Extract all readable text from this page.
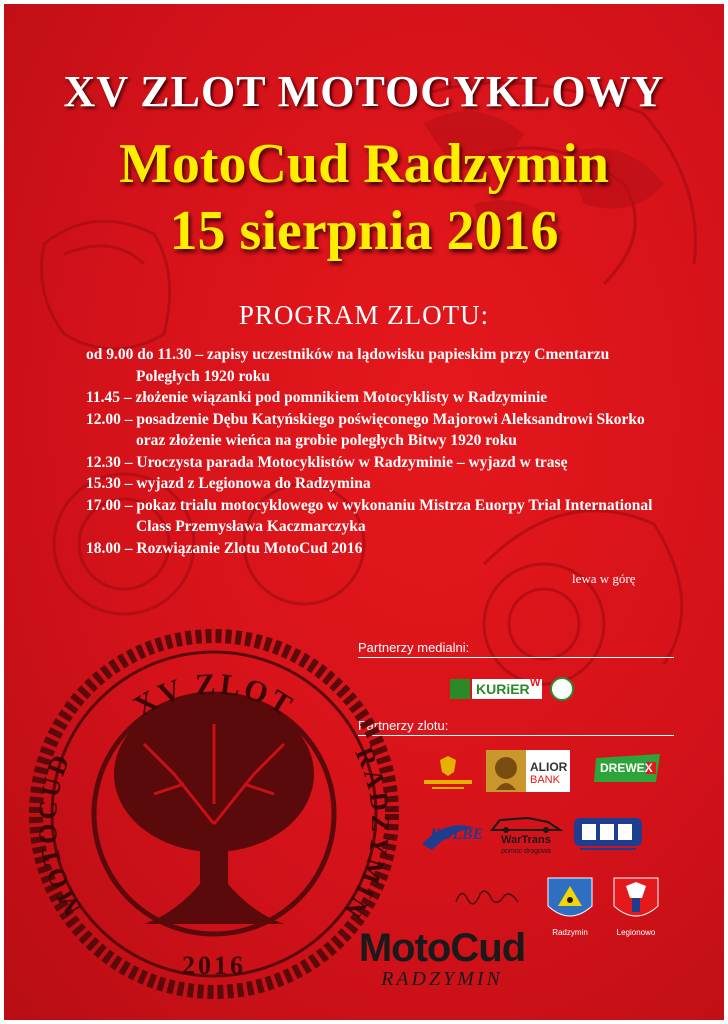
XV ZLOT MOTOCYKLOWY
MotoCud Radzymin
15 sierpnia 2016
PROGRAM ZLOTU:
od 9.00 do 11.30 – zapisy uczestników na lądowisku papieskim przy Cmentarzu
Poległych 1920 roku
11.45 – złożenie wiązanki pod pomnikiem Motocyklisty w Radzyminie
12.00 – posadzenie Dębu Katyńskiego poświęconego Majorowi Aleksandrowi Skorko
oraz złożenie wieńca na grobie poległych Bitwy 1920 roku
12.30 – Uroczysta parada Motocyklistów w Radzyminie – wyjazd w trasę
15.30 – wyjazd z Legionowa do Radzymina
17.00 – pokaz trialu motocyklowego w wykonaniu Mistrza Euorpy Trial International
Class Przemysława Kaczmarczyka
18.00 – Rozwiązanie Zlotu MotoCud 2016
lewa w górę
Partnerzy medialni:
KURiER W
Partnerzy zlotu:
ALIOR
BANK
DREWEX
KOLBE	WarTrans
pomoc drogowa
Radzymin	Legionowo
XV ZLOT
MOTOCUD	RADZYMIN
2016	MotoCud
RADZYMIN
